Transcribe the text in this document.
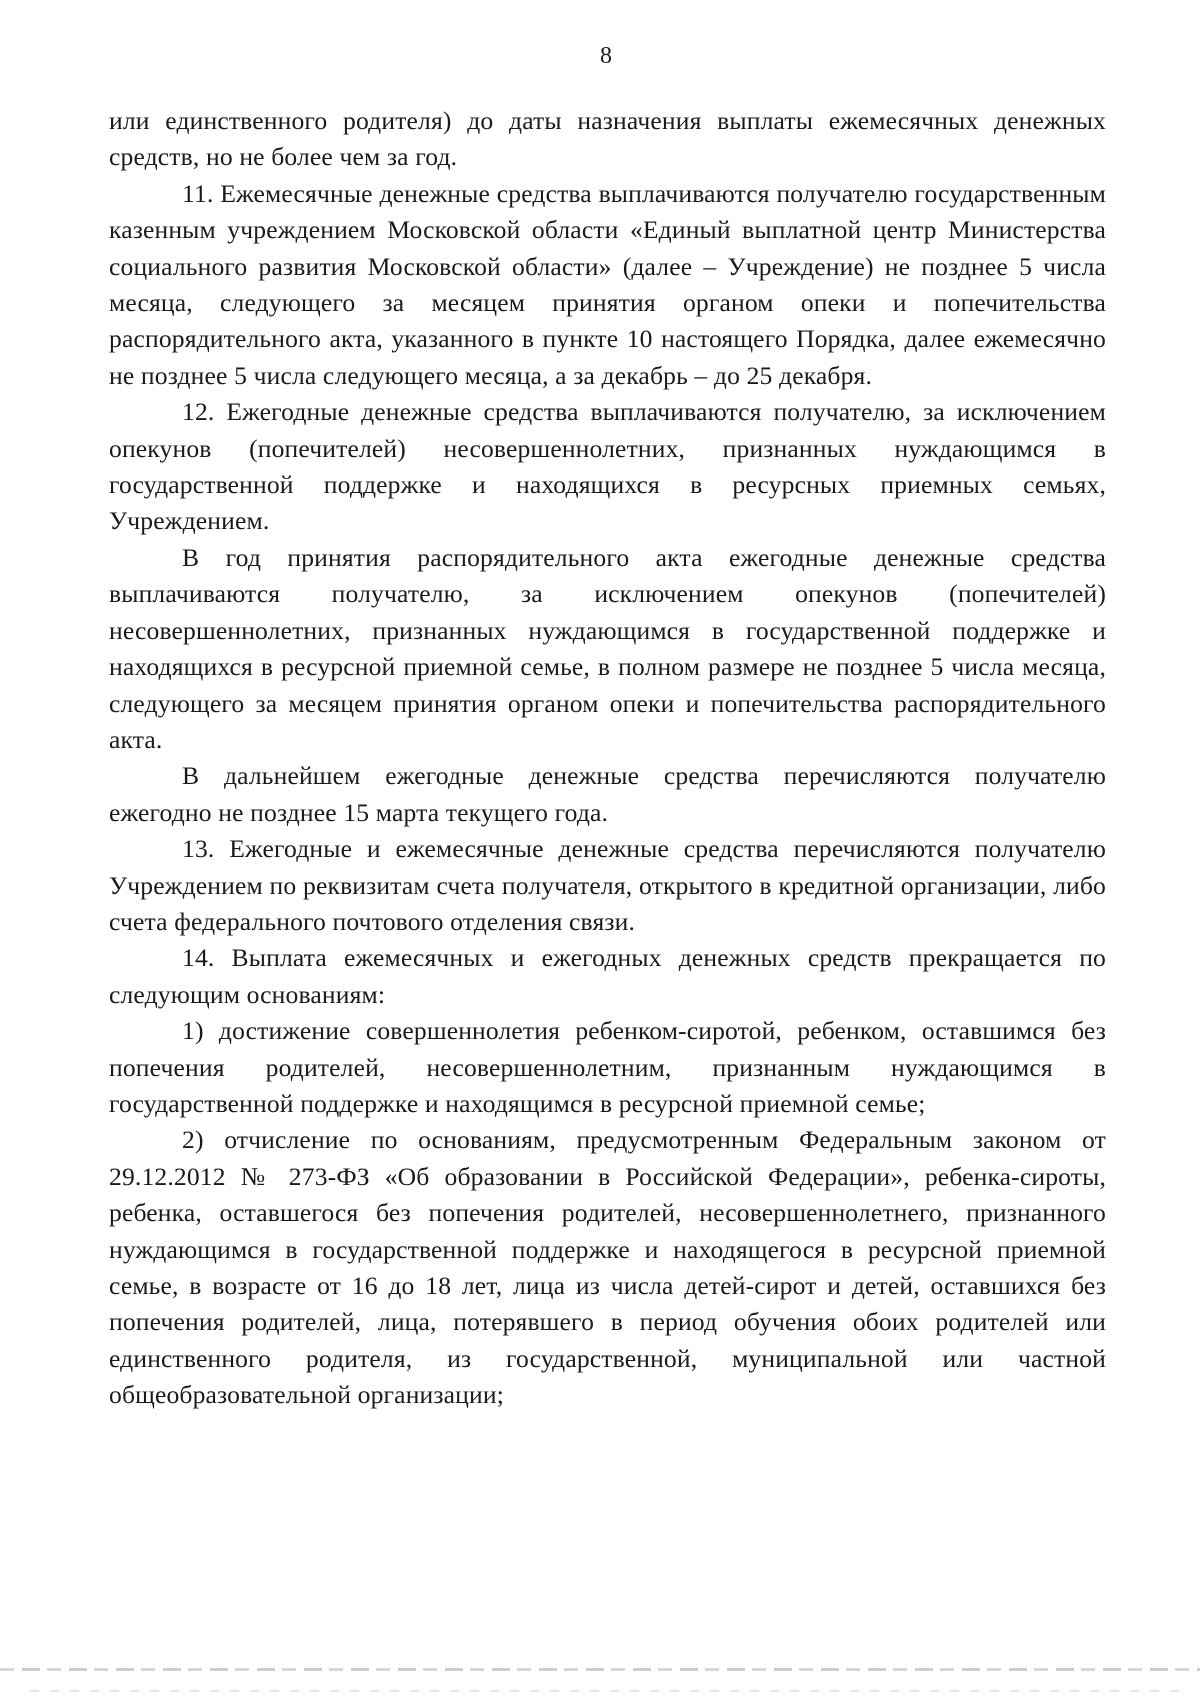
8

или единственного родителя) до даты назначения выплаты ежемесячных денежных средств, но не более чем за год.

11. Ежемесячные денежные средства выплачиваются получателю государственным казенным учреждением Московской области «Единый выплатной центр Министерства социального развития Московской области» (далее – Учреждение) не позднее 5 числа месяца, следующего за месяцем принятия органом опеки и попечительства распорядительного акта, указанного в пункте 10 настоящего Порядка, далее ежемесячно не позднее 5 числа следующего месяца, а за декабрь – до 25 декабря.

12. Ежегодные денежные средства выплачиваются получателю, за исключением опекунов (попечителей) несовершеннолетних, признанных нуждающимся в государственной поддержке и находящихся в ресурсных приемных семьях, Учреждением.

В год принятия распорядительного акта ежегодные денежные средства выплачиваются получателю, за исключением опекунов (попечителей) несовершеннолетних, признанных нуждающимся в государственной поддержке и находящихся в ресурсной приемной семье, в полном размере не позднее 5 числа месяца, следующего за месяцем принятия органом опеки и попечительства распорядительного акта.

В дальнейшем ежегодные денежные средства перечисляются получателю ежегодно не позднее 15 марта текущего года.

13. Ежегодные и ежемесячные денежные средства перечисляются получателю Учреждением по реквизитам счета получателя, открытого в кредитной организации, либо счета федерального почтового отделения связи.

14. Выплата ежемесячных и ежегодных денежных средств прекращается по следующим основаниям:

1) достижение совершеннолетия ребенком-сиротой, ребенком, оставшимся без попечения родителей, несовершеннолетним, признанным нуждающимся в государственной поддержке и находящимся в ресурсной приемной семье;

2) отчисление по основаниям, предусмотренным Федеральным законом от 29.12.2012 № 273-ФЗ «Об образовании в Российской Федерации», ребенка-сироты, ребенка, оставшегося без попечения родителей, несовершеннолетнего, признанного нуждающимся в государственной поддержке и находящегося в ресурсной приемной семье, в возрасте от 16 до 18 лет, лица из числа детей-сирот и детей, оставшихся без попечения родителей, лица, потерявшего в период обучения обоих родителей или единственного родителя, из государственной, муниципальной или частной общеобразовательной организации;
